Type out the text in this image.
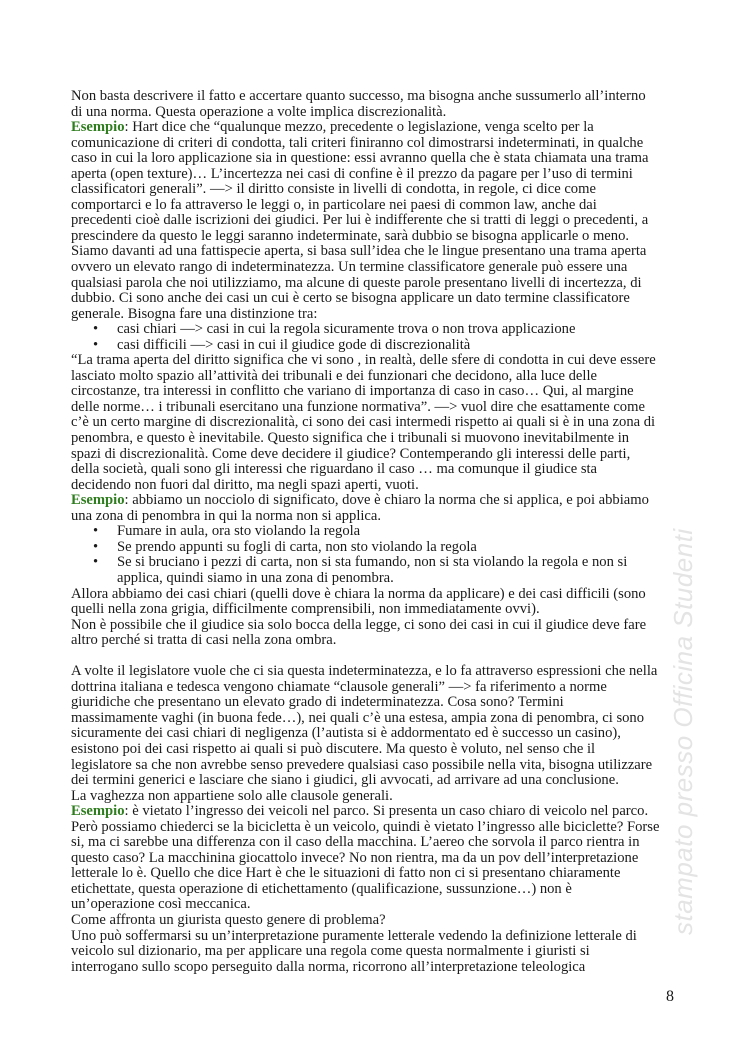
stampato presso Officina Studenti
Non basta descrivere il fatto e accertare quanto successo, ma bisogna anche sussumerlo all’interno
di una norma. Questa operazione a volte implica discrezionalità.
Esempio: Hart dice che “qualunque mezzo, precedente o legislazione, venga scelto per la
comunicazione di criteri di condotta, tali criteri finiranno col dimostrarsi indeterminati, in qualche
caso in cui la loro applicazione sia in questione: essi avranno quella che è stata chiamata una trama
aperta (open texture)… L’incertezza nei casi di confine è il prezzo da pagare per l’uso di termini
classificatori generali”. —> il diritto consiste in livelli di condotta, in regole, ci dice come
comportarci e lo fa attraverso le leggi o, in particolare nei paesi di common law, anche dai
precedenti cioè dalle iscrizioni dei giudici. Per lui è indifferente che si tratti di leggi o precedenti, a
prescindere da questo le leggi saranno indeterminate, sarà dubbio se bisogna applicarle o meno.
Siamo davanti ad una fattispecie aperta, si basa sull’idea che le lingue presentano una trama aperta
ovvero un elevato rango di indeterminatezza. Un termine classificatore generale può essere una
qualsiasi parola che noi utilizziamo, ma alcune di queste parole presentano livelli di incertezza, di
dubbio. Ci sono anche dei casi un cui è certo se bisogna applicare un dato termine classificatore
generale. Bisogna fare una distinzione tra:
• casi chiari —> casi in cui la regola sicuramente trova o non trova applicazione
• casi difficili —> casi in cui il giudice gode di discrezionalità
“La trama aperta del diritto significa che vi sono , in realtà, delle sfere di condotta in cui deve essere
lasciato molto spazio all’attività dei tribunali e dei funzionari che decidono, alla luce delle
circostanze, tra interessi in conflitto che variano di importanza di caso in caso… Qui, al margine
delle norme… i tribunali esercitano una funzione normativa”. —> vuol dire che esattamente come
c’è un certo margine di discrezionalità, ci sono dei casi intermedi rispetto ai quali si è in una zona di
penombra, e questo è inevitabile. Questo significa che i tribunali si muovono inevitabilmente in
spazi di discrezionalità. Come deve decidere il giudice? Contemperando gli interessi delle parti,
della società, quali sono gli interessi che riguardano il caso … ma comunque il giudice sta
decidendo non fuori dal diritto, ma negli spazi aperti, vuoti.
Esempio: abbiamo un nocciolo di significato, dove è chiaro la norma che si applica, e poi abbiamo
una zona di penombra in qui la norma non si applica.
• Fumare in aula, ora sto violando la regola
• Se prendo appunti su fogli di carta, non sto violando la regola
• Se si bruciano i pezzi di carta, non si sta fumando, non si sta violando la regola e non si
applica, quindi siamo in una zona di penombra.
Allora abbiamo dei casi chiari (quelli dove è chiara la norma da applicare) e dei casi difficili (sono
quelli nella zona grigia, difficilmente comprensibili, non immediatamente ovvi).
Non è possibile che il giudice sia solo bocca della legge, ci sono dei casi in cui il giudice deve fare
altro perché si tratta di casi nella zona ombra.
A volte il legislatore vuole che ci sia questa indeterminatezza, e lo fa attraverso espressioni che nella
dottrina italiana e tedesca vengono chiamate “clausole generali” —> fa riferimento a norme
giuridiche che presentano un elevato grado di indeterminatezza. Cosa sono? Termini
massimamente vaghi (in buona fede…), nei quali c’è una estesa, ampia zona di penombra, ci sono
sicuramente dei casi chiari di negligenza (l’autista si è addormentato ed è successo un casino),
esistono poi dei casi rispetto ai quali si può discutere. Ma questo è voluto, nel senso che il
legislatore sa che non avrebbe senso prevedere qualsiasi caso possibile nella vita, bisogna utilizzare
dei termini generici e lasciare che siano i giudici, gli avvocati, ad arrivare ad una conclusione.
La vaghezza non appartiene solo alle clausole generali.
Esempio: è vietato l’ingresso dei veicoli nel parco. Si presenta un caso chiaro di veicolo nel parco.
Però possiamo chiederci se la bicicletta è un veicolo, quindi è vietato l’ingresso alle biciclette? Forse
si, ma ci sarebbe una differenza con il caso della macchina. L’aereo che sorvola il parco rientra in
questo caso? La macchinina giocattolo invece? No non rientra, ma da un pov dell’interpretazione
letterale lo è. Quello che dice Hart è che le situazioni di fatto non ci si presentano chiaramente
etichettate, questa operazione di etichettamento (qualificazione, sussunzione…) non è
un’operazione così meccanica.
Come affronta un giurista questo genere di problema?
Uno può soffermarsi su un’interpretazione puramente letterale vedendo la definizione letterale di
veicolo sul dizionario, ma per applicare una regola come questa normalmente i giuristi si
interrogano sullo scopo perseguito dalla norma, ricorrono all’interpretazione teleologica
8
